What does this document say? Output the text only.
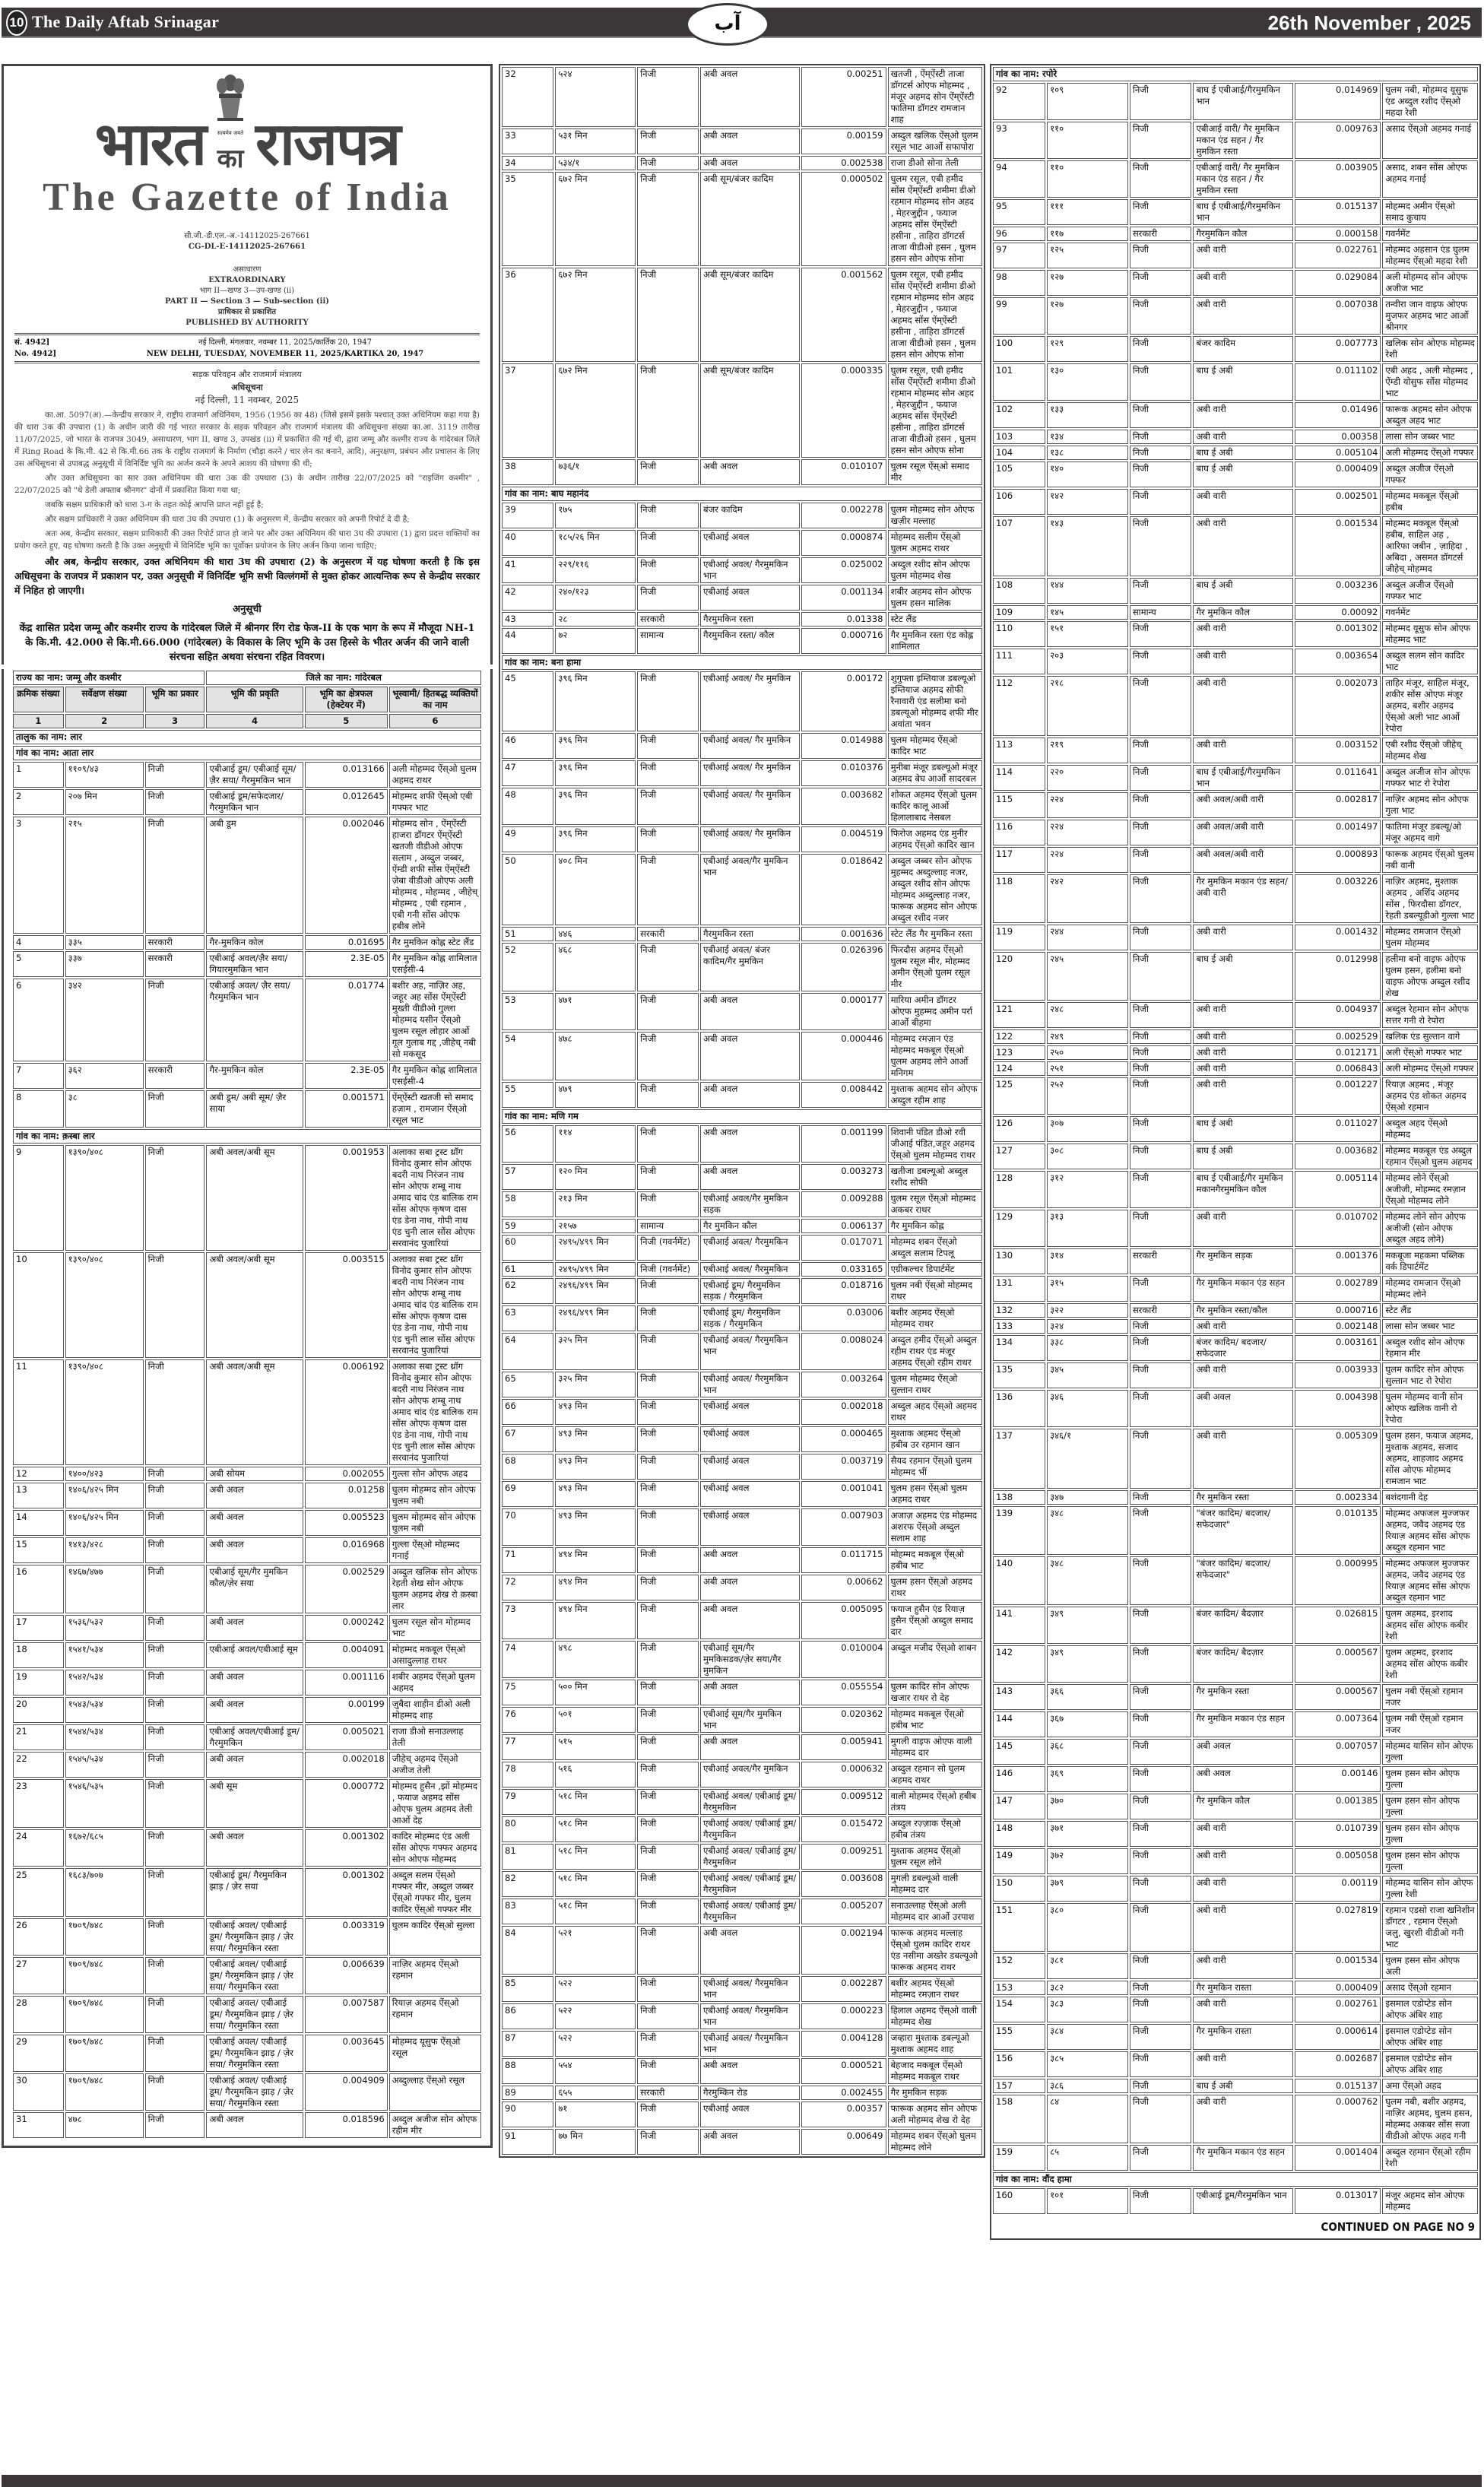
10 The Daily Aftab Srinagar	آب	26th November , 2025
भारत	सत्यमेव जयते
का राजपत्र
The Gazette of India
सी.जी.-डी.एल.-अ.-14112025-267661
CG-DL-E-14112025-267661
असाधारण
EXTRAORDINARY
भाग II—खण्ड 3—उप-खण्ड (ii)
PART II — Section 3 — Sub-section (ii)
प्राधिकार से प्रकाशित
PUBLISHED BY AUTHORITY
सं. 4942]	नई दिल्ली, मंगलवार, नवम्बर 11, 2025/कार्तिक 20, 1947
No. 4942]	NEW DELHI, TUESDAY, NOVEMBER 11, 2025/KARTIKA 20, 1947
सड़क परिवहन और राजमार्ग मंत्रालय
अधिसूचना
नई दिल्ली, 11 नवम्बर, 2025

का.आ. 5097(अ).—केन्द्रीय सरकार ने, राष्ट्रीय राजमार्ग अधिनियम, 1956 (1956 का 48) (जिसे इसमें इसके पश्चात् उक्त अधिनियम कहा गया है) की धारा 3क की उपधारा (1) के अधीन जारी की गई भारत सरकार के सड़क परिवहन और राजमार्ग मंत्रालय की अधिसूचना संख्या का.आ. 3119 तारीख 11/07/2025, जो भारत के राजपत्र 3049, असाधारण, भाग II, खण्ड 3, उपखंड (ii) में प्रकाशित की गई थी, द्वारा जम्मू और कश्मीर राज्य के गांदेरबल जिले में Ring Road के कि.मी. 42 से कि.मी.66 तक के राष्ट्रीय राजमार्ग के निर्माण (चौड़ा करने / चार लेन का बनाने, आदि), अनुरक्षण, प्रबंधन और प्रचालन के लिए उस अधिसूचना से उपाबद्ध अनुसूची में विनिर्दिष्ट भूमि का अर्जन करने के अपने आशय की घोषणा की थी;

और उक्त अधिसूचना का सार उक्त अधिनियम की धारा 3क की उपधारा (3) के अधीन तारीख 22/07/2025 को "राइजिंग कश्मीर" , 22/07/2025 को "थे डेली अफ्ताब श्रीनगर" दोनों में प्रकाशित किया गया था;

जबकि सक्षम प्राधिकारी को धारा 3-ग के तहत कोई आपत्ति प्राप्त नहीं हुई है;

और सक्षम प्राधिकारी ने उक्त अधिनियम की धारा 3घ की उपधारा (1) के अनुसरण में, केन्द्रीय सरकार को अपनी रिपोर्ट दे दी है;

अतः अब, केन्द्रीय सरकार, सक्षम प्राधिकारी की उक्त रिपोर्ट प्राप्त हो जाने पर और उक्त अधिनियम की धारा 3घ की उपधारा (1) द्वारा प्रदत्त शक्तियों का प्रयोग करते हुए, यह घोषणा करती है कि उक्त अनुसूची में विनिर्दिष्ट भूमि का पूर्वोक्त प्रयोजन के लिए अर्जन किया जाना चाहिए;

और अब, केन्द्रीय सरकार, उक्त अधिनियम की धारा 3घ की उपधारा (2) के अनुसरण में यह घोषणा करती है कि इस अधिसूचना के राजपत्र में प्रकाशन पर, उक्त अनुसूची में विनिर्दिष्ट भूमि सभी विल्लंगमों से मुक्त होकर आत्यन्तिक रूप से केन्द्रीय सरकार में निहित हो जाएगी।

अनुसूची
केंद्र शासित प्रदेश जम्मू और कश्मीर राज्य के गांदेरबल जिले में श्रीनगर रिंग रोड फेज-II के एक भाग के रूप में मौजूदा NH-1 के कि.मी. 42.000 से कि.मी.66.000 (गांदेरबल) के विकास के लिए भूमि के उस हिस्से के भीतर अर्जन की जाने वाली संरचना सहित अथवा संरचना रहित विवरण।
राज्य का नाम: जम्मू और कश्मीर			जिले का नाम: गांदेरबल		
क्रमिक संख्या	सर्वेक्षण संख्या	भूमि का प्रकार	भूमि की प्रकृति	भूमि का क्षेत्रफल (हेक्टेयर में)	भूस्वामी/ हितबद्ध व्यक्तियों का नाम
1	2	3	4	5	6
तालुक का नाम: लार					
गांव का नाम: आता लार					
1	११०९/४३	निजी	एबीआई डूम/ एबीआई सूम/ ज़ैर सया/ गैरमुमकिन भान	0.013166	अली मोहम्मद ऐंस्ओ घुलम अहमद राथर
2	२०७ मिन	निजी	एबीआई डूम/सफेदजार/गैरमुमकिन भान	0.012645	मोहम्मद शफी ऐंस्ओ एबी गफ्फर भाट
3	२१५	निजी	अबी डूम	0.002046	मोहम्मद सोन , ऐंम्ऐंस्टी हाजरा डॉगटर ऐंम्ऐंस्टी खतजी वीडीओ ओएफ सलाम , अब्दुल जब्बर, ऐंम्डी शफी सोंस ऐंम्ऐंस्टी ज़ेबा वीडीओ ओएफ अली मोहम्मद , मोहम्मद , जीहेच् मोहम्मद , एबी रहमान , एबी गनी सोंस ओएफ हबीब लोने
4	३३५	सरकारी	गैर-मुमकिन कोल	0.01695	गैर मुमकिन कोह्ल स्टेट लैंड
5	३३७	सरकारी	एबीआई अवल/ज़ैर सया/गियारमुमकिन भान	2.3E-05	गैर मुमकिन कोह्ल शामिलात एसईसी-4
6	३४२	निजी	एबीआई अवल/ ज़ैर सया/ गैरमुमकिन भान	0.01774	बशीर अह, नाज़िर अह, जहूर अह सोंस ऐंम्ऐंस्टी मुख्ती वीडीओ गुल्ला मोहम्मद यसीन ऐंस्ओ घुलम रसूल लोहार आर्ओ गूल गुलाब गद्द ,जीहेच् नबी सो मकसूद
7	३६२	सरकारी	गैर-मुमकिन कोल	2.3E-05	गैर मुमकिन कोह्ल शामिलात एसईसी-4
8	३८	निजी	अबी डूम/ अबी सूम/ ज़ैर साया	0.001571	ऐंम्ऐंस्टी खतजी सो समाद हज़ाम , रामजान ऐंस्ओ रसूल भाट
गांव का नाम: क़स्बा लार					
9	१३९०/४०८	निजी	अबी अवल/अबी सूम	0.001953	अलाका सबा ट्रस्ट थ्रॉग विनोद कुमार सोन ओएफ बदरी नाथ निरंजन नाथ सोन ओएफ शम्बू नाथ अमाद चांद एंड बालिक राम सोंस ओएफ कृषण दास एंड डेना नाथ, गोपी नाथ एंड चुनी लाल सोंस ओएफ सरवानंद पुजारियां
10	१३९०/४०८	निजी	अबी अवल/अबी सूम	0.003515	अलाका सबा ट्रस्ट थ्रॉग विनोद कुमार सोन ओएफ बदरी नाथ निरंजन नाथ सोन ओएफ शम्बू नाथ अमाद चांद एंड बालिक राम सोंस ओएफ कृषण दास एंड डेना नाथ, गोपी नाथ एंड चुनी लाल सोंस ओएफ सरवानंद पुजारियां
11	१३९०/४०८	निजी	अबी अवल/अबी सूम	0.006192	अलाका सबा ट्रस्ट थ्रॉग विनोद कुमार सोन ओएफ बदरी नाथ निरंजन नाथ सोन ओएफ शम्बू नाथ अमाद चांद एंड बालिक राम सोंस ओएफ कृषण दास एंड डेना नाथ, गोपी नाथ एंड चुनी लाल सोंस ओएफ सरवानंद पुजारियां
12	१४००/४२३	निजी	अबी सोयम	0.002055	गुल्ला सोन ओएफ अहद
13	१४०६/४२५ मिन	निजी	अबी अवल	0.01258	घुलम मोहम्मद सोन ओएफ घुलम नबी
14	१४०६/४२५ मिन	निजी	अबी अवल	0.005523	घुलम मोहम्मद सोन ओएफ घुलम नबी
15	१४१३/४२८	निजी	अबी अवल	0.016968	गुल्ला ऐंस्ओ मोहम्मद गनाई
16	१४६७/४७७	निजी	एबीआई सूम/गैर मुमकिन कौल/ज़ेर सया	0.002529	अब्दुल खलिक सोन ओएफ रेहती शेख सोन ओएफ घुलम अहमद शेख रो क़स्बा लार
17	१५३६/५३२	निजी	अबी अवल	0.000242	घुलम रसूल सोन मोहम्मद भाट
18	१५४१/५३४	निजी	एबीआई अवल/एबीआई सूम	0.004091	मोहम्मद मकबूल ऐंस्ओ असादुल्लाह राथर
19	१५४२/५३४	निजी	अबी अवल	0.001116	शबीर अहमद ऐंस्ओ घुलम अहमद
20	१५४३/५३४	निजी	अबी अवल	0.00199	ज़ुबैदा शाहीन डीओ अली मोहम्मद शाह
21	१५४४/५३४	निजी	एबीआई अवल/एबीआई डूम/गैरमुमकिन	0.005021	राजा डीओ सनाउल्लाह तेली
22	१५४५/५३४	निजी	अबी अवल	0.002018	जीहेच् अहमद ऐंस्ओ अजीज तेली
23	१५४६/५३५	निजी	अबी सूम	0.000772	मोहम्मद हुसैन ,झों मोहम्मद , फयाज अहमद सोंस ओएफ घुलम अहमद तेली आर्ओ देह
24	१६७२/६८५	निजी	अबी अवल	0.001302	कादिर मोहम्मद एंड अली सोंस ओएफ गफ्फर अहमद सोन ओएफ मोहम्मद
25	१६८३/७०७	निजी	एबीआई डूम/ गैरमुमकिन झाड़ / ज़ेर सया	0.001302	अब्दुल सलम ऐंस्ओ गफ्फर मीर, अब्दुल जब्बर ऐंस्ओ गफ्फर मीर, घुलम कादिर ऐंस्ओ गफ्फर मीर
26	१७०९/७४८	निजी	एबीआई अवल/ एबीआई डूम/ गैरमुमकिन झाड़ / ज़ेर सया/ गैरमुमकिन रस्ता	0.003319	घुलम कादिर ऐंस्ओ सुल्ला
27	१७०९/७४८	निजी	एबीआई अवल/ एबीआई डूम/ गैरमुमकिन झाड़ / ज़ेर सया/ गैरमुमकिन रस्ता	0.006639	नाज़िर अहमद ऐंस्ओ रहमान
28	१७०९/७४८	निजी	एबीआई अवल/ एबीआई डूम/ गैरमुमकिन झाड़ / ज़ेर सया/ गैरमुमकिन रस्ता	0.007587	रियाज़ अहमद ऐंस्ओ रहमान
29	१७०९/७४८	निजी	एबीआई अवल/ एबीआई डूम/ गैरमुमकिन झाड़ / ज़ेर सया/ गैरमुमकिन रस्ता	0.003645	मोहम्मद यूसुफ ऐंस्ओ रसूल
30	१७०९/७४८	निजी	एबीआई अवल/ एबीआई डूम/ गैरमुमकिन झाड़ / ज़ेर सया/ गैरमुमकिन रस्ता	0.004909	अब्दुल्लाह ऐंस्ओ रसूल
31	४७८	निजी	अबी अवल	0.018596	अब्दुल अजीज सोन ओएफ रहीम मीर
32	५२४	निजी	अबी अवल	0.00251	खतजी , ऐंम्ऐंस्टी ताजा डॉगटर्स ओएफ मोहम्मद , मंजूर अहमद सोन ऐंम्ऐंस्टी फातिमा डॉगटर रामजान शाह
33	५३१ मिन	निजी	अबी अवल	0.00159	अब्दुल खलिक ऐंस्ओ घुलम रसूल भाट आर्ओ सफापोरा
34	५३४/१	निजी	अबी अवल	0.002538	राजा डीओ सोना तेली
35	६७२ मिन	निजी	अबी सूम/बंजर कादिम	0.000502	घुलम रसूल, एबी हमीद सोंस ऐंम्ऐंस्टी शमीमा डीओ रहमान मोहम्मद सोन अहद , मेहरजुद्दीन , फयाज अहमद सोंस ऐंम्ऐंस्टी हसीना , ताहिरा डॉगटर्स ताजा वीडीओ हसन , घुलम हसन सोन ओएफ सोना
36	६७२ मिन	निजी	अबी सूम/बंजर कादिम	0.001562	घुलम रसूल, एबी हमीद सोंस ऐंम्ऐंस्टी शमीमा डीओ रहमान मोहम्मद सोन अहद , मेहरजुद्दीन , फयाज अहमद सोंस ऐंम्ऐंस्टी हसीना , ताहिरा डॉगटर्स ताजा वीडीओ हसन , घुलम हसन सोन ओएफ सोना
37	६७२ मिन	निजी	अबी सूम/बंजर कादिम	0.000335	घुलम रसूल, एबी हमीद सोंस ऐंम्ऐंस्टी शमीमा डीओ रहमान मोहम्मद सोन अहद , मेहरजुद्दीन , फयाज अहमद सोंस ऐंम्ऐंस्टी हसीना , ताहिरा डॉगटर्स ताजा वीडीओ हसन , घुलम हसन सोन ओएफ सोना
38	७३६/१	निजी	अबी अवल	0.010107	घुलम रसूल ऐंस्ओ समाद मीर
गांव का नाम: बाघ महानंद					
39	१७५	निजी	बंजर कादिम	0.002278	घुलम मोहम्मद सोन ओएफ खज़ीर मल्लाह
40	१८५/२६ मिन	निजी	एबीआई अवल	0.000874	मोहम्मद सलीम ऐंस्ओ घुलम अहमद राथर
41	२२९/११६	निजी	एबीआई अवल/ गैरमुमकिन भान	0.025002	अब्दुल रशीद सोन ओएफ घुलम मोहम्मद शेख
42	२४०/१२३	निजी	एबीआई अवल	0.001134	शबीर अहमद सोन ओएफ घुलम हसन मालिक
43	२८	सरकारी	गैरमुमकिन रस्ता	0.01338	स्टेट लैंड
44	७२	सामान्य	गैरमुमकिन रस्ता/ कौल	0.000716	गैर मुमकिन रस्ता एंड कोह्ल शामिलात
गांव का नाम: बना हामा					
45	३९६ मिन	निजी	एबीआई अवल/ गैर मुमकिन	0.00172	शुगुफ्ता इम्तियाज डबल्यूओ इम्तियाज अहमद सोफी रैनावारी एंड सलीमा बनो डबल्यूओ मोहम्मद शफी मीर अवांता भवन
46	३९६ मिन	निजी	एबीआई अवल/ गैर मुमकिन	0.014988	घुलम मोहम्मद ऐंस्ओ कादिर भाट
47	३९६ मिन	निजी	एबीआई अवल/ गैर मुमकिन	0.010376	मुनीबा मंजूर डबल्यूओ मंजूर अहमद बेघ आर्ओ सादरबल
48	३९६ मिन	निजी	एबीआई अवल/ गैर मुमकिन	0.003682	शोकत अहमद ऐंस्ओ घुलम कादिर कालू आर्ओ हिलालाबाद नेसबल
49	३९६ मिन	निजी	एबीआई अवल/ गैर मुमकिन	0.004519	फिरोज अहमद एंड मुनीर अहमद ऐंस्ओ कादिर खान
50	४०८ मिन	निजी	एबीआई अवल/गैर मुमकिन भान	0.018642	अब्दुल जब्बर सोन ओएफ मुहम्मद अब्दुल्लाह नजर, अब्दुल रशीद सोन ओएफ मोहम्मद अब्दुल्लाह नजर, फारूक अहमद सोन ओएफ अब्दुल रशीद नजर
51	४४६	सरकारी	गैरमुमकिन रस्ता	0.001636	स्टेट लैंड गैर मुमकिन रस्ता
52	४६८	निजी	एबीआई अवल/ बंजर कादिम/गैर मुमकिन	0.026396	फिरदौस अहमद ऐंस्ओ घुलम रसूल मीर, मोहम्मद अमीन ऐंस्ओ घुलम रसूल मीर
53	४७१	निजी	अबी अवल	0.000177	मारिया अमीन डॉगटर ओएफ मुहम्मद अमीन पर्रा आर्ओ बीहमा
54	४७८	निजी	अबी अवल	0.000446	मोहम्मद रमज़ान एंड मोहम्मद मकबूल ऐंस्ओ घुलम अहमद लोने आर्ओ मनिगम
55	४७९	निजी	अबी अवल	0.008442	मुश्ताक अहमद सोन ओएफ अब्दुल रहीम शाह
गांव का नाम: मणि गम					
56	११४	निजी	अबी अवल	0.001199	शिवानी पंडित डीओ रवी जीआई पंडित,जहूर अहमद ऐंस्ओ घुलम मोहम्मद राथर
57	१२० मिन	निजी	अबी अवल	0.003273	खतीजा डबल्यूओ अब्दुल रशीद सोफी
58	२१३ मिन	निजी	एबीआई अवल/गैर मुमकिन सड़क	0.009288	घुलम रसूल ऐंस्ओ मोहम्मद अकबर राथर
59	२१५७	सामान्य	गैर मुमकिन कौल	0.006137	गैर मुमकिन कोह्ल
60	२४९५/४९९ मिन	निजी (गवर्नमेंट)	एबीआई अवल/ गैरमुमकिन	0.017071	मोहम्मद शबन ऐंस्ओ अब्दुल सलाम टिपलू
61	२४९५/४९९ मिन	निजी (गवर्नमेंट)	एबीआई अवल/ गैरमुमकिन	0.033165	एग्रीकल्चर डिपार्टमेंट
62	२४९६/४९९ मिन	निजी	एबीआई डूम/ गैरमुमकिन सड़क / गैरमुमकिन	0.018716	घुलम नबी ऐंस्ओ मोहम्मद राथर
63	२४९६/४९९ मिन	निजी	एबीआई डूम/ गैरमुमकिन सड़क / गैरमुमकिन	0.03006	बशीर अहमद ऐंस्ओ मोहम्मद राथर
64	३२५ मिन	निजी	एबीआई अवल/ गैरमुमकिन भान	0.008024	अब्दुल हमीद ऐंस्ओ अब्दुल रहीम राथर एंड मंजूर अहमद ऐंस्ओ रहीम राथर
65	३२५ मिन	निजी	एबीआई अवल/ गैरमुमकिन भान	0.003264	घुलम मोहम्मद ऐंस्ओ सुल्तान राथर
66	४९३ मिन	निजी	एबीआई अवल	0.002018	अब्दुल अहद ऐंस्ओ अहमद राथर
67	४९३ मिन	निजी	एबीआई अवल	0.000465	मुश्ताक अहमद ऐंस्ओ हबीब उर रहमान खान
68	४९३ मिन	निजी	एबीआई अवल	0.003719	सैयद रहमान ऐंस्ओ घुलम मोहम्मद भीं
69	४९३ मिन	निजी	एबीआई अवल	0.001041	घुलम हसन ऐंस्ओ घुलम अहमद राथर
70	४९३ मिन	निजी	एबीआई अवल	0.007903	अजाज़ अहमद एंड मोहम्मद अशरफ ऐंस्ओ अब्दुल सलाम शाह
71	४९४ मिन	निजी	अबी अवल	0.011715	मोहम्मद मकबूल ऐंस्ओ हबीब भाट
72	४९४ मिन	निजी	अबी अवल	0.00662	घुलम हसन ऐंस्ओ अहमद राथर
73	४९४ मिन	निजी	अबी अवल	0.005095	फयाज हुसैन एंड रियाज़ हुसैन ऐंस्ओ अब्दुल समाद दार
74	४९८	निजी	एबीआई सूम/गैर मुमकिसडक/ज़ेर सया/गैर मुमकिन	0.010004	अब्दुल मजीद ऐंस्ओ शाबन
75	५०० मिन	निजी	अबी अवल	0.055554	घुलम कादिर सोन ओएफ खजार राथर रो देह
76	५०१	निजी	एबीआई सूम/गैर मुमकिन भान	0.020362	मोहम्मद मकबूल ऐंस्ओ हबीब भाट
77	५१५	निजी	अबी अवल	0.005941	मुगली वाइफ ओएफ वाली मोहम्मद दार
78	५१६	निजी	एबीआई अवल/गैर मुमकिन	0.000632	अब्दुल रहमान सो घुलम अहमद राथर
79	५१८ मिन	निजी	एबीआई अवल/ एबीआई डूम/ गैरमुमकिन	0.009512	वाली मोहम्मद ऐंस्ओ हबीब तंत्रय
80	५१८ मिन	निजी	एबीआई अवल/ एबीआई डूम/ गैरमुमकिन	0.015472	अब्दुल रज़्ज़ाक ऐंस्ओ हबीब तंत्रय
81	५१८ मिन	निजी	एबीआई अवल/ एबीआई डूम/ गैरमुमकिन	0.009251	मुश्ताक अहमद ऐंस्ओ घुलम रसूल लोने
82	५१८ मिन	निजी	एबीआई अवल/ एबीआई डूम/ गैरमुमकिन	0.003608	मुगली डबल्यूओ वाली मोहम्मद दार
83	५१८ मिन	निजी	एबीआई अवल/ एबीआई डूम/ गैरमुमकिन	0.005207	सनाउल्लाह ऐंस्ओ अली मोहम्मद दार आर्ओ उरपाश
84	५२१	निजी	अबी अवल	0.002194	फारूक अहमद मल्लाह ऐंस्ओ घुलम कादिर राथर एंड नसीमा अख्तेर डबल्यूओ फारूक अहमद राथर
85	५२२	निजी	एबीआई अवल/ गैरमुमकिन भान	0.002287	बशीर अहमद ऐंस्ओ मोहम्मद रमज़ान राथर
86	५२२	निजी	एबीआई अवल/ गैरमुमकिन भान	0.000223	हिलाल अहमद ऐंस्ओ वाली मोहम्मद शेख
87	५२२	निजी	एबीआई अवल/ गैरमुमकिन भान	0.004128	जव्हारा मुश्ताक डबल्यूओ मुश्ताक अहमद शाह
88	५५४	निजी	अबी अवल	0.000521	बेहजाद मकबूल ऐंस्ओ मोहम्मद मकबूल राथर
89	६५५	सरकारी	गैरमुम्किन रोड	0.002455	गैर मुमकिन सड़क
90	७१	निजी	एबीआई अवल	0.00357	फारूक अहमद सोन ओएफ अली मोहम्मद शेख रो देह
91	७७ मिन	निजी	अबी अवल	0.00649	मोहम्मद शबन ऐंस्ओ घुलम मोहम्मद लोने
गांव का नाम: रपोरे					
92	१०९	निजी	बाघ ई एबीआई/गैरमुमकिन भान	0.014969	घुलम नबी, मोहम्मद यूसुफ एंड अब्दुल रशीद ऐंस्ओ महदा रेशी
93	११०	निजी	एबीआई वारी/ गैर मुमकिन मकान एंड सहन / गैर मुमकिन रस्ता	0.009763	असाद ऐंस्ओ अहमद गनाई
94	११०	निजी	एबीआई वारी/ गैर मुमकिन मकान एंड सहन / गैर मुमकिन रस्ता	0.003905	असाद, शबन सोंस ओएफ अहमद गनाई
95	१११	निजी	बाघ ई एबीआई/गैरमुमकिन भान	0.015137	मोहम्मद अमीन ऐंस्ओ समाद कुचाय
96	११७	सरकारी	गैरमुमकिन कौल	0.000158	गवर्नमेंट
97	१२५	निजी	अबी वारी	0.022761	मोहम्मद अहसान एंड घुलम मोहम्मद ऐंस्ओ महदा रेशी
98	१२७	निजी	अबी वारी	0.029084	अली मोहम्मद सोन ओएफ अजीज भाट
99	१२७	निजी	अबी वारी	0.007038	तन्वीरा जान वाइफ ओएफ मुजफर अहमद भाट आर्ओ श्रीनगर
100	१२९	निजी	बंजर कादिम	0.007773	खलिक सोन ओएफ मोहम्मद रेशी
101	१३०	निजी	बाघ ई अबी	0.011102	एबी अहद , अली मोहम्मद , ऐंम्डी योसुफ सोंस मोहम्मद भाट
102	१३३	निजी	अबी वारी	0.01496	फारूक अहमद सोन ओएफ अब्दुल अहद भाट
103	१३४	निजी	अबी वारी	0.00358	लासा सोन जब्बर भाट
104	१३८	निजी	बाघ ई अबी	0.005104	अली मोहम्मद ऐंस्ओ गफ्फर
105	१४०	निजी	बाघ ई अबी	0.000409	अब्दुल अजीज ऐंस्ओ गफ्फर
106	१४२	निजी	अबी वारी	0.002501	मोहम्मद मकबूल ऐंस्ओ हबीब
107	१४३	निजी	अबी वारी	0.001534	मोहम्मद मकबूल ऐंस्ओ हबीब, साहिल अह , आरिफा जबीन , ज़ाहिदा , अबिदा , असमत डॉगटर्स जीहेच् मोहम्मद
108	१४४	निजी	बाघ ई अबी	0.003236	अब्दुल अजीज ऐंस्ओ गफ्फर भाट
109	१४५	सामान्य	गैर मुमकिन कौल	0.00092	गवर्नमेंट
110	१५१	निजी	अबी वारी	0.001302	मोहम्मद यूसुफ सोन ओएफ मोहम्मद भाट
111	२०३	निजी	अबी वारी	0.003654	अब्दुल सलम सोन कादिर भाट
112	२१८	निजी	अबी वारी	0.002073	ताहिर मंजूर, साहिल मंजूर, शकीर सोंस ओएफ मंजूर अहमद, बशीर अहमद ऐंस्ओ अली भाट आर्ओ रेपोरा
113	२१९	निजी	अबी वारी	0.003152	एबी रशीद ऐंस्ओ जीहेच् मोहम्मद शेख
114	२२०	निजी	बाघ ई एबीआई/गैरमुमकिन भान	0.011641	अब्दुल अजीज सोन ओएफ गफ्फर भाट रो रेपोरा
115	२२४	निजी	अबी अवल/अबी वारी	0.002817	नाज़िर अहमद सोन ओएफ गुला भाट
116	२२४	निजी	अबी अवल/अबी वारी	0.001497	फातिमा मंजूर डबल्यू/ओ मंजूर अहमद वागे
117	२२४	निजी	अबी अवल/अबी वारी	0.000893	फारूक अहमद ऐंस्ओ घुलम नबी वानी
118	२४२	निजी	गैर मुमकिन मकान एंड सहन/ अबी वारी	0.003226	नाज़िर अहमद, मुश्ताक अहमद , अर्शिद अहमद सोंस , फिरदौसा डॉगटर, रेहती डबल्यूडीओ गुल्ला भाट
119	२४४	निजी	अबी वारी	0.001432	मोहम्मद रामजान ऐंस्ओ घुलम मोहम्मद
120	२४५	निजी	बाघ ई अबी	0.012998	हलीमा बनो वाइफ ओएफ घुलम हसन, हलीमा बनो वाइफ ओएफ अब्दुल रशीद शेख
121	२४८	निजी	अबी वारी	0.004937	अब्दुल रेहमान सोन ओएफ सत्तर गनी रो रेपोरा
122	२४९	निजी	अबी वारी	0.002529	खलिक एंड सुल्तान वागे
123	२५०	निजी	अबी वारी	0.012171	अली ऐंस्ओ गफ्फर भाट
124	२५१	निजी	अबी वारी	0.006843	अली मोहम्मद ऐंस्ओ गफ्फर
125	२५२	निजी	अबी वारी	0.001227	रियाज़ अहमद , मंजूर अहमद एंड शोकत अहमद ऐंस्ओ रहमान
126	३०७	निजी	बाघ ई अबी	0.011027	अब्दुल अहद ऐंस्ओ मोहम्मद
127	३०८	निजी	बाघ ई अबी	0.003682	मोहम्मद मकबूल एंड अब्दुल रहमान ऐंस्ओ घुलम अहमद
128	३१२	निजी	बाघ ई एबीआई/गैर मुमकिन मकानगैरमुमकिन कौल	0.005114	मोहम्मद लोने ऐंस्ओ अजीजी, मोहम्मद रमज़ान ऐंस्ओ मोहम्मद लोने
129	३१३	निजी	अबी वारी	0.010702	मोहम्मद लोने सोन ओएफ अजीजी (सोन ओएफ अब्दुल अहद लोने)
130	३१४	सरकारी	गैर मुमकिन सड़क	0.001376	मकबूजा महकमा पब्लिक वर्क डिपार्टमेंट
131	३१५	निजी	गैर मुमकिन मकान एंड सहन	0.002789	मोहम्मद रामजान ऐंस्ओ मोहम्मद लोने
132	३२२	सरकारी	गैर मुमकिन रस्ता/कौल	0.000716	स्टेट लैंड
133	३२४	निजी	अबी वारी	0.002148	लासा सोन जब्बर भाट
134	३३८	निजी	बंजर कादिम/ बदजार/सफेदजार	0.003161	अब्दुल रशीद सोन ओएफ रेहमान मीर
135	३४५	निजी	अबी वारी	0.003933	घुलम कादिर सोन ओएफ सुल्तान भाट रो रेपोरा
136	३४६	निजी	अबी अवल	0.004398	घुलम मोहम्मद वानी सोन ओएफ खलिक वानी रो रेपोरा
137	३४६/१	निजी	अबी वारी	0.005309	घुलम हसन, फयाज अहमद, मुश्ताक अहमद, सजाद अहमद, शाहजाद अहमद सोंस ओएफ मोहम्मद रामजान भाट
138	३४७	निजी	गैर मुमकिन रस्ता	0.002334	बशंदगानी देह
139	३४८	निजी	"बंजर कादिम/ बदजार/ सफेदजार"	0.010135	मोहम्मद अफजल मुज्जफर अहमद, जवैद अहमद एंड रियाज़ अहमद सोंस ओएफ अब्दुल रहमान भाट
140	३४८	निजी	"बंजर कादिम/ बदजार/ सफेदजार"	0.000995	मोहम्मद अफजल मुज्जफर अहमद, जवैद अहमद एंड रियाज़ अहमद सोंस ओएफ अब्दुल रहमान भाट
141	३४९	निजी	बंजर कादिम/ बैदज़ार	0.026815	घुलम अहमद, इरशाद अहमद सोंस ओएफ कबीर रेशी
142	३४९	निजी	बंजर कादिम/ बैदज़ार	0.000567	घुलम अहमद, इरशाद अहमद सोंस ओएफ कबीर रेशी
143	३६६	निजी	गैर मुमकिन रस्ता	0.000567	घुलम नबी ऐंस्ओ रहमान नजर
144	३६७	निजी	गैर मुमकिन मकान एंड सहन	0.007364	घुलम नबी ऐंस्ओ रहमान नजर
145	३६८	निजी	अबी अवल	0.007057	मोहम्मद यासिन सोन ओएफ गुल्ला
146	३६९	निजी	अबी अवल	0.00146	घुलम हसन सोन ओएफ गुल्ला
147	३७०	निजी	गैर मुमकिन कौल	0.001385	घुलम हसन सोन ओएफ गुल्ला
148	३७१	निजी	अबी वारी	0.010739	घुलम हसन सोन ओएफ गुल्ला
149	३७२	निजी	अबी वारी	0.005058	घुलम हसन सोन ओएफ गुल्ला
150	३७९	निजी	अबी वारी	0.00119	मोहम्मद यासिन सोन ओएफ गुल्ला रेशी
151	३८०	निजी	अबी वारी	0.027819	रहमान एडसो राजा खनिशीन डॉगटर , रहमान ऐंस्ओ जलु, खुरशी वीडीओ गनी भाट
152	३८१	निजी	अबी वारी	0.001534	घुलम हसन सोन ओएफ अली
153	३८२	निजी	गैर मुमकिन रास्ता	0.000409	असाद ऐंस्ओ रहमान
154	३८३	निजी	अबी वारी	0.002761	इसमाल एडोप्टेड सोन ओएफ अंबिर शाह
155	३८४	निजी	गैर मुमकिन रास्ता	0.000614	इसमाल एडोप्टेड सोन ओएफ अंबिर शाह
156	३८५	निजी	अबी वारी	0.002687	इसमाल एडोप्टेड सोन ओएफ अंबिर शाह
157	३८६	निजी	बाघ ई अबी	0.015137	अमा ऐंस्ओ अहद
158	८४	निजी	अबी वारी	0.000762	घुलम नबी, बशीर अहमद, नाज़िर अहमद, घुलम हसन, मोहम्मद अकबर सोंस सजा वीडीओ ओएफ अहद गनी
159	८५	निजी	गैर मुमकिन मकान एंड सहन	0.001404	अब्दुल रहमान ऐंस्ओ रहीम रेशी
गांव का नाम: वौंद हामा					
160	१०१	निजी	एबीआई डूम/गैरमुमकिन भान	0.013017	मंजूर अहमद सोन ओएफ मोहम्मद
CONTINUED ON PAGE NO 9
